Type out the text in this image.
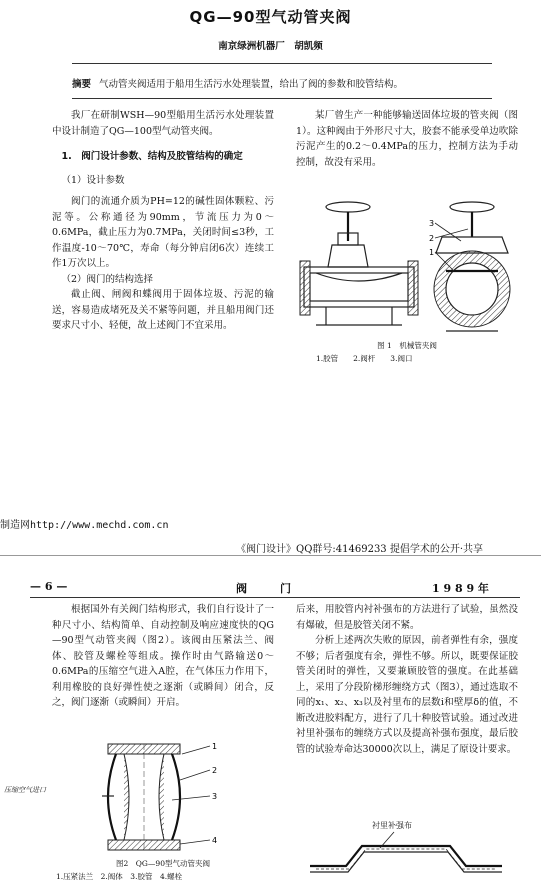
QG—90型气动管夹阀
南京绿洲机器厂　胡凯频
摘要 气动管夹阀适用于船用生活污水处理装置，给出了阀的参数和胶管结构。

我厂在研制WSH—90型船用生活污水处理装置中设计制造了QG—100型气动管夹阀。

1.　阀门设计参数、结构及胶管结构的确定

（1）设计参数

阀门的流通介质为PH=12的碱性固体颗粒、污泥等。公称通径为90mm，节流压力为0～0.6MPa，截止压力为0.7MPa，关闭时间≤3秒，工作温度-10～70℃，寿命（每分钟启闭6次）连续工作1万次以上。

（2）阀门的结构选择

截止阀、闸阀和蝶阀用于固体垃圾、污泥的输送，容易造成堵死及关不紧等问题，并且船用阀门还要求尺寸小、轻便，故上述阀门不宜采用。

某厂曾生产一种能够输送固体垃圾的管夹阀（图1）。这种阀由于外形尺寸大，胶套不能承受单边吹除污泥产生的0.2～0.4MPa的压力，控制方法为手动控制，故没有采用。

3
2
1
图 1　机械管夹阀
1.胶管　　2.阀杆　　3.阀口
制造网http://www.mechd.com.cn
《阀门设计》QQ群号:41469233 提倡学术的公开·共享
— 6 —	阀　　　门	1 9 8 9 年

根据国外有关阀门结构形式，我们自行设计了一种尺寸小、结构简单、自动控制及响应速度快的QG—90型气动管夹阀（图2）。该阀由压紧法兰、阀体、胶管及螺栓等组成。操作时由气路输送0～0.6MPa的压缩空气进入A腔，在气体压力作用下，利用橡胶的良好弹性使之逐渐（或瞬间）闭合，反之，阀门逐渐（或瞬间）开启。

后来，用胶管内衬补强布的方法进行了试验，虽然没有爆破，但是胶管关闭不紧。

分析上述两次失败的原因，前者弹性有余，强度不够；后者强度有余，弹性不够。所以，既要保证胶管关闭时的弹性，又要兼顾胶管的强度。在此基础上，采用了分段阶梯形缠绕方式（图3），通过选取不同的x₁、x₂、x₃以及衬里布的层数i和壁厚δ的值，不断改进胶料配方，进行了几十种胶管试验。通过改进衬里补强布的缠绕方式以及提高补强布强度，最后胶管的试验寿命达30000次以上，满足了原设计要求。

1
2
3
4
压缩空气进口
图2　QG—90型气动管夹阀
1.压紧法兰　2.阀体　3.胶管　4.螺栓
衬里补强布
